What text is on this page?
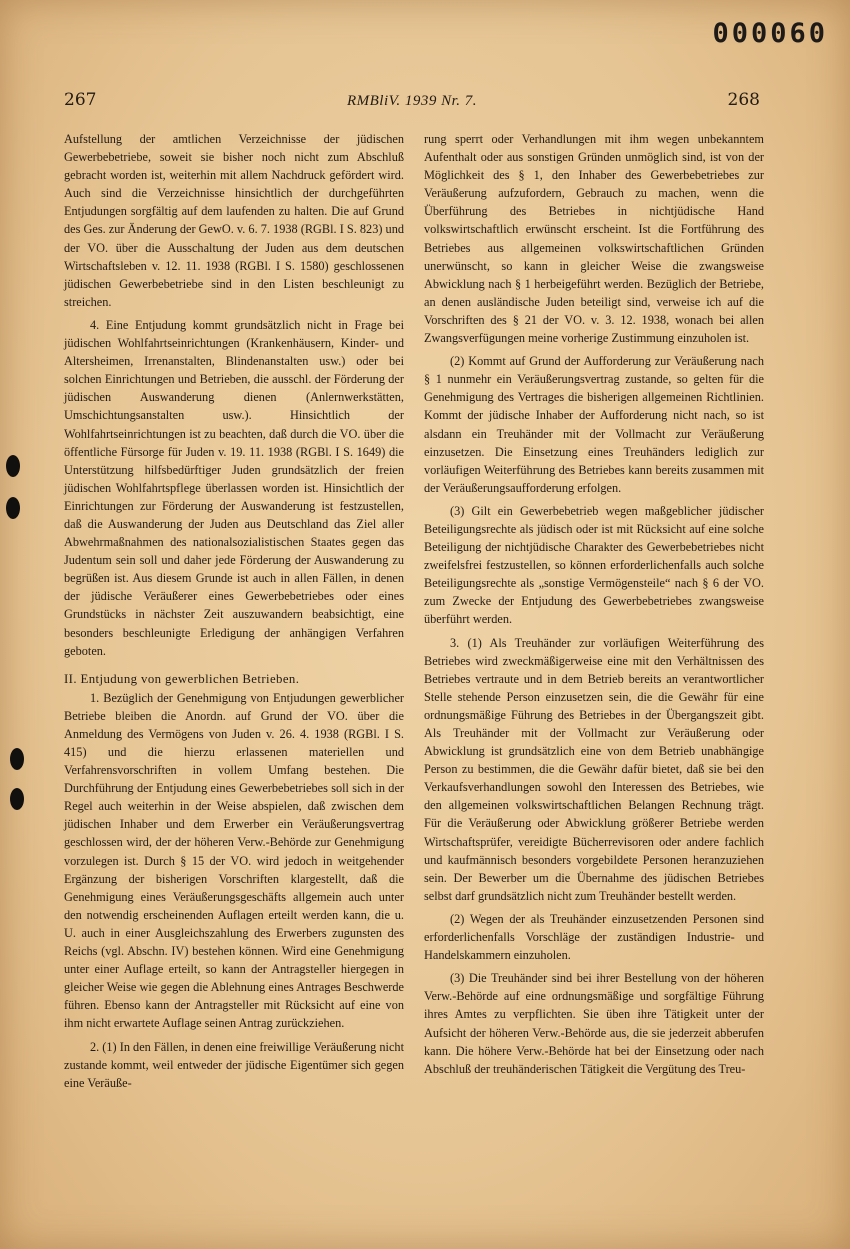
000060
267	RMBliV. 1939 Nr. 7.	268

Aufstellung der amtlichen Verzeichnisse der jüdischen Gewerbebetriebe, soweit sie bisher noch nicht zum Abschluß gebracht worden ist, weiterhin mit allem Nachdruck gefördert wird. Auch sind die Verzeichnisse hinsichtlich der durchgeführten Entjudungen sorgfältig auf dem laufenden zu halten. Die auf Grund des Ges. zur Änderung der GewO. v. 6. 7. 1938 (RGBl. I S. 823) und der VO. über die Ausschaltung der Juden aus dem deutschen Wirtschaftsleben v. 12. 11. 1938 (RGBl. I S. 1580) geschlossenen jüdischen Gewerbebetriebe sind in den Listen beschleunigt zu streichen.

4. Eine Entjudung kommt grundsätzlich nicht in Frage bei jüdischen Wohlfahrtseinrichtungen (Krankenhäusern, Kinder- und Altersheimen, Irrenanstalten, Blindenanstalten usw.) oder bei solchen Einrichtungen und Betrieben, die ausschl. der Förderung der jüdischen Auswanderung dienen (Anlernwerkstätten, Umschichtungsanstalten usw.). Hinsichtlich der Wohlfahrtseinrichtungen ist zu beachten, daß durch die VO. über die öffentliche Fürsorge für Juden v. 19. 11. 1938 (RGBl. I S. 1649) die Unterstützung hilfsbedürftiger Juden grundsätzlich der freien jüdischen Wohlfahrtspflege überlassen worden ist. Hinsichtlich der Einrichtungen zur Förderung der Auswanderung ist festzustellen, daß die Auswanderung der Juden aus Deutschland das Ziel aller Abwehrmaßnahmen des nationalsozialistischen Staates gegen das Judentum sein soll und daher jede Förderung der Auswanderung zu begrüßen ist. Aus diesem Grunde ist auch in allen Fällen, in denen der jüdische Veräußerer eines Gewerbebetriebes oder eines Grundstücks in nächster Zeit auszuwandern beabsichtigt, eine besonders beschleunigte Erledigung der anhängigen Verfahren geboten.

II. Entjudung von gewerblichen Betrieben.

1. Bezüglich der Genehmigung von Entjudungen gewerblicher Betriebe bleiben die Anordn. auf Grund der VO. über die Anmeldung des Vermögens von Juden v. 26. 4. 1938 (RGBl. I S. 415) und die hierzu erlassenen materiellen und Verfahrensvorschriften in vollem Umfang bestehen. Die Durchführung der Entjudung eines Gewerbebetriebes soll sich in der Regel auch weiterhin in der Weise abspielen, daß zwischen dem jüdischen Inhaber und dem Erwerber ein Veräußerungsvertrag geschlossen wird, der der höheren Verw.-Behörde zur Genehmigung vorzulegen ist. Durch § 15 der VO. wird jedoch in weitgehender Ergänzung der bisherigen Vorschriften klargestellt, daß die Genehmigung eines Veräußerungsgeschäfts allgemein auch unter den notwendig erscheinenden Auflagen erteilt werden kann, die u. U. auch in einer Ausgleichszahlung des Erwerbers zugunsten des Reichs (vgl. Abschn. IV) bestehen können. Wird eine Genehmigung unter einer Auflage erteilt, so kann der Antragsteller hiergegen in gleicher Weise wie gegen die Ablehnung eines Antrages Beschwerde führen. Ebenso kann der Antragsteller mit Rücksicht auf eine von ihm nicht erwartete Auflage seinen Antrag zurückziehen.

2. (1) In den Fällen, in denen eine freiwillige Veräußerung nicht zustande kommt, weil entweder der jüdische Eigentümer sich gegen eine Veräuße-

rung sperrt oder Verhandlungen mit ihm wegen unbekanntem Aufenthalt oder aus sonstigen Gründen unmöglich sind, ist von der Möglichkeit des § 1, den Inhaber des Gewerbebetriebes zur Veräußerung aufzufordern, Gebrauch zu machen, wenn die Überführung des Betriebes in nichtjüdische Hand volkswirtschaftlich erwünscht erscheint. Ist die Fortführung des Betriebes aus allgemeinen volkswirtschaftlichen Gründen unerwünscht, so kann in gleicher Weise die zwangsweise Abwicklung nach § 1 herbeigeführt werden. Bezüglich der Betriebe, an denen ausländische Juden beteiligt sind, verweise ich auf die Vorschriften des § 21 der VO. v. 3. 12. 1938, wonach bei allen Zwangsverfügungen meine vorherige Zustimmung einzuholen ist.

(2) Kommt auf Grund der Aufforderung zur Veräußerung nach § 1 nunmehr ein Veräußerungsvertrag zustande, so gelten für die Genehmigung des Vertrages die bisherigen allgemeinen Richtlinien. Kommt der jüdische Inhaber der Aufforderung nicht nach, so ist alsdann ein Treuhänder mit der Vollmacht zur Veräußerung einzusetzen. Die Einsetzung eines Treuhänders lediglich zur vorläufigen Weiterführung des Betriebes kann bereits zusammen mit der Veräußerungsaufforderung erfolgen.

(3) Gilt ein Gewerbebetrieb wegen maßgeblicher jüdischer Beteiligungsrechte als jüdisch oder ist mit Rücksicht auf eine solche Beteiligung der nichtjüdische Charakter des Gewerbebetriebes nicht zweifelsfrei festzustellen, so können erforderlichenfalls auch solche Beteiligungsrechte als „sonstige Vermögensteile“ nach § 6 der VO. zum Zwecke der Entjudung des Gewerbebetriebes zwangsweise überführt werden.

3. (1) Als Treuhänder zur vorläufigen Weiterführung des Betriebes wird zweckmäßigerweise eine mit den Verhältnissen des Betriebes vertraute und in dem Betrieb bereits an verantwortlicher Stelle stehende Person einzusetzen sein, die die Gewähr für eine ordnungsmäßige Führung des Betriebes in der Übergangszeit gibt. Als Treuhänder mit der Vollmacht zur Veräußerung oder Abwicklung ist grundsätzlich eine von dem Betrieb unabhängige Person zu bestimmen, die die Gewähr dafür bietet, daß sie bei den Verkaufsverhandlungen sowohl den Interessen des Betriebes, wie den allgemeinen volkswirtschaftlichen Belangen Rechnung trägt. Für die Veräußerung oder Abwicklung größerer Betriebe werden Wirtschaftsprüfer, vereidigte Bücherrevisoren oder andere fachlich und kaufmännisch besonders vorgebildete Personen heranzuziehen sein. Der Bewerber um die Übernahme des jüdischen Betriebes selbst darf grundsätzlich nicht zum Treuhänder bestellt werden.

(2) Wegen der als Treuhänder einzusetzenden Personen sind erforderlichenfalls Vorschläge der zuständigen Industrie- und Handelskammern einzuholen.

(3) Die Treuhänder sind bei ihrer Bestellung von der höheren Verw.-Behörde auf eine ordnungsmäßige und sorgfältige Führung ihres Amtes zu verpflichten. Sie üben ihre Tätigkeit unter der Aufsicht der höheren Verw.-Behörde aus, die sie jederzeit abberufen kann. Die höhere Verw.-Behörde hat bei der Einsetzung oder nach Abschluß der treuhänderischen Tätigkeit die Vergütung des Treu-
